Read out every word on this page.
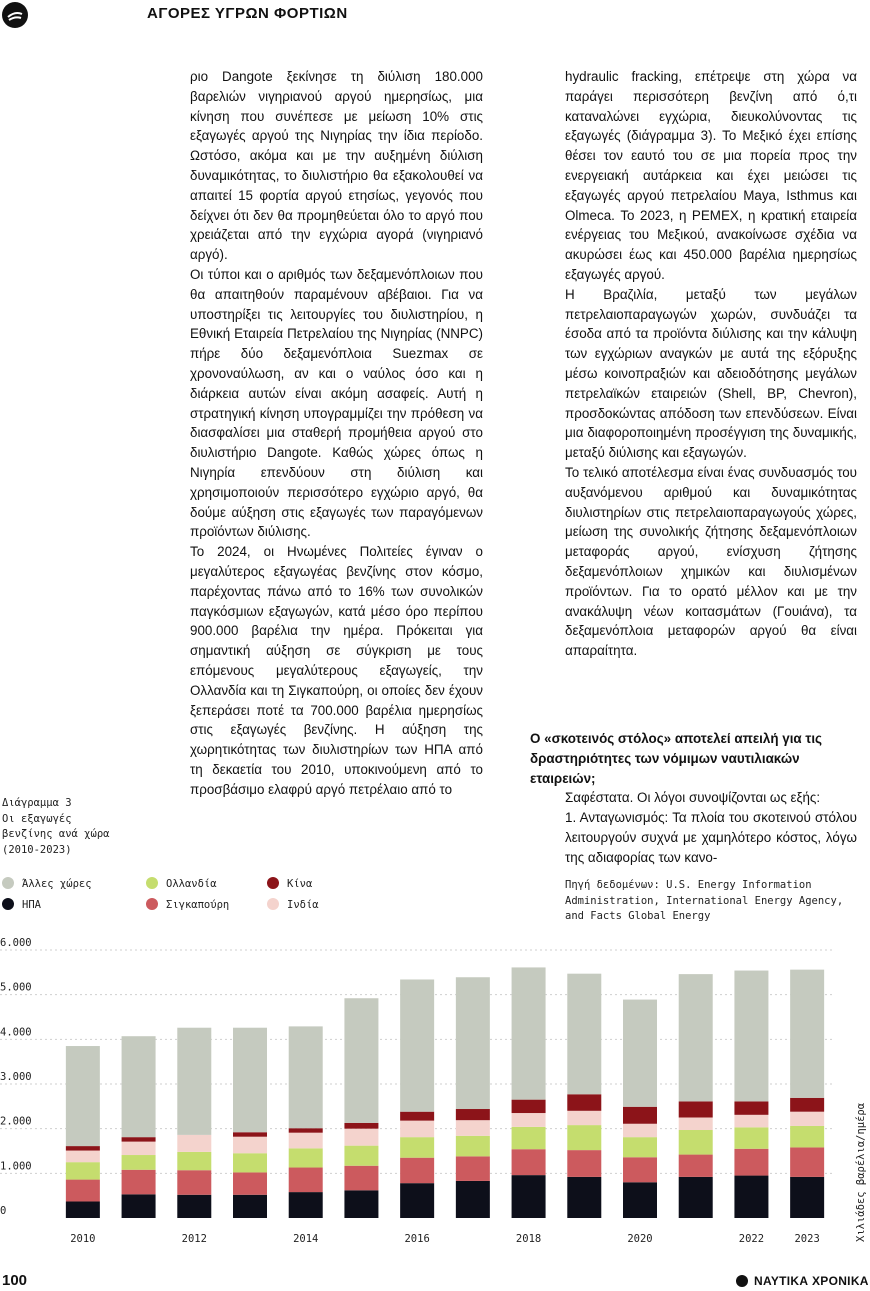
ΑΓΟΡΕΣ ΥΓΡΩΝ ΦΟΡΤΙΩΝ

ριο Dangote ξεκίνησε τη διύλιση 180.000 βαρελιών νιγηριανού αργού ημερησίως, μια κίνηση που συνέπεσε με μείωση 10% στις εξαγωγές αργού της Νιγηρίας την ίδια περίοδο. Ωστόσο, ακόμα και με την αυξημένη διύλιση δυναμικότητας, το διυλιστήριο θα εξακολουθεί να απαιτεί 15 φορτία αργού ετησίως, γεγονός που δείχνει ότι δεν θα προμηθεύεται όλο το αργό που χρειάζεται από την εγχώρια αγορά (νιγηριανό αργό).

Οι τύποι και ο αριθμός των δεξαμενόπλοιων που θα απαιτηθούν παραμένουν αβέβαιοι. Για να υποστηρίξει τις λειτουργίες του διυλιστηρίου, η Εθνική Εταιρεία Πετρελαίου της Νιγηρίας (NNPC) πήρε δύο δεξαμενόπλοια Suezmax σε χρονοναύλωση, αν και ο ναύλος όσο και η διάρκεια αυτών είναι ακόμη ασαφείς. Αυτή η στρατηγική κίνηση υπογραμμίζει την πρόθεση να διασφαλίσει μια σταθερή προμήθεια αργού στο διυλιστήριο Dangote. Καθώς χώρες όπως η Νιγηρία επενδύουν στη διύλιση και χρησιμοποιούν περισσότερο εγχώριο αργό, θα δούμε αύξηση στις εξαγωγές των παραγόμενων προϊόντων διύλισης.

Το 2024, οι Ηνωμένες Πολιτείες έγιναν ο μεγαλύτερος εξαγωγέας βενζίνης στον κόσμο, παρέχοντας πάνω από το 16% των συνολικών παγκόσμιων εξαγωγών, κατά μέσο όρο περίπου 900.000 βαρέλια την ημέρα. Πρόκειται για σημαντική αύξηση σε σύγκριση με τους επόμενους μεγαλύτερους εξαγωγείς, την Ολλανδία και τη Σιγκαπούρη, οι οποίες δεν έχουν ξεπεράσει ποτέ τα 700.000 βαρέλια ημερησίως στις εξαγωγές βενζίνης. Η αύξηση της χωρητικότητας των διυλιστηρίων των ΗΠΑ από τη δεκαετία του 2010, υποκινούμενη από το προσβάσιμο ελαφρύ αργό πετρέλαιο από το

hydraulic fracking, επέτρεψε στη χώρα να παράγει περισσότερη βενζίνη από ό,τι καταναλώνει εγχώρια, διευκολύνοντας τις εξαγωγές (διάγραμμα 3). Το Μεξικό έχει επίσης θέσει τον εαυτό του σε μια πορεία προς την ενεργειακή αυτάρκεια και έχει μειώσει τις εξαγωγές αργού πετρελαίου Maya, Isthmus και Olmeca. Το 2023, η PEMEX, η κρατική εταιρεία ενέργειας του Μεξικού, ανακοίνωσε σχέδια να ακυρώσει έως και 450.000 βαρέλια ημερησίως εξαγωγές αργού.

Η Βραζιλία, μεταξύ των μεγάλων πετρελαιοπαραγωγών χωρών, συνδυάζει τα έσοδα από τα προϊόντα διύλισης και την κάλυψη των εγχώριων αναγκών με αυτά της εξόρυξης μέσω κοινοπραξιών και αδειοδότησης μεγάλων πετρελαϊκών εταιρειών (Shell, BP, Chevron), προσδοκώντας απόδοση των επενδύσεων. Είναι μια διαφοροποιημένη προσέγγιση της δυναμικής, μεταξύ διύλισης και εξαγωγών.

Το τελικό αποτέλεσμα είναι ένας συνδυασμός του αυξανόμενου αριθμού και δυναμικότητας διυλιστηρίων στις πετρελαιοπαραγωγούς χώρες, μείωση της συνολικής ζήτησης δεξαμενόπλοιων μεταφοράς αργού, ενίσχυση ζήτησης δεξαμενόπλοιων χημικών και διυλισμένων προϊόντων. Για το ορατό μέλλον και με την ανακάλυψη νέων κοιτασμάτων (Γουιάνα), τα δεξαμενόπλοια μεταφορών αργού θα είναι απαραίτητα.

Ο «σκοτεινός στόλος» αποτελεί απειλή για τις δραστηριότητες των νόμιμων ναυτιλιακών εταιρειών;

Σαφέστατα. Οι λόγοι συνοψίζονται ως εξής:

1. Ανταγωνισμός: Τα πλοία του σκοτεινού στόλου λειτουργούν συχνά με χαμηλότερο κόστος, λόγω της αδιαφορίας των κανο-

Διάγραμμα 3
Οι εξαγωγές
βενζίνης ανά χώρα
(2010-2023)
Άλλες χώρες
ΗΠΑ
Ολλανδία
Σιγκαπούρη
Κίνα
Ινδία
Πηγή δεδομένων: U.S. Energy Information Administration, International Energy Agency, and Facts Global Energy
0
1.000
2.000
3.000
4.000
5.000
6.000
2010	2012	2014	2016	2018	2020	2022	2023	Χιλιάδες βαρέλια/ημέρα
100	ΝΑΥΤΙΚΑ ΧΡΟΝΙΚΑ
